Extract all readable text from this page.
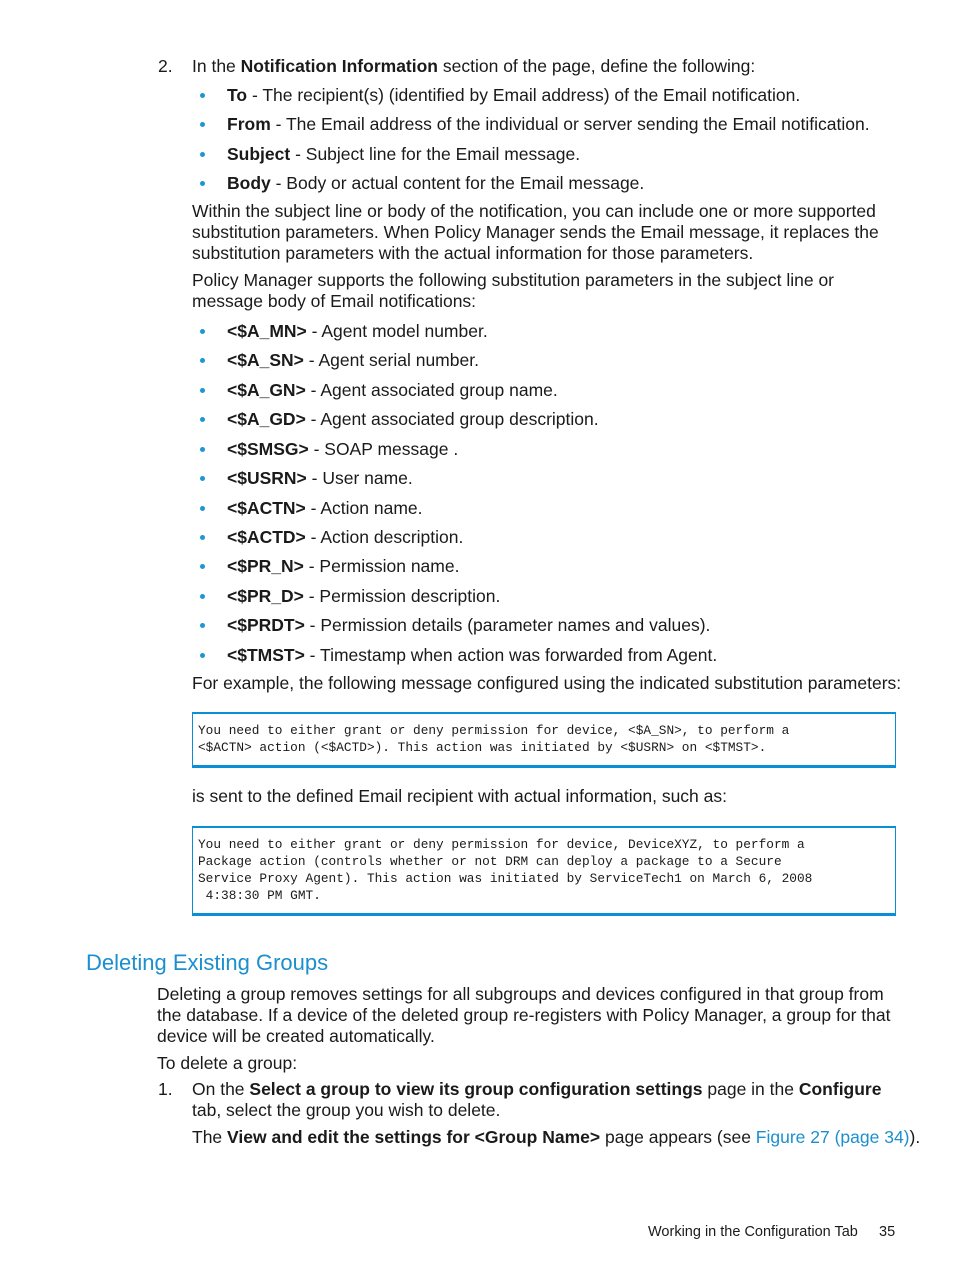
2.	In the Notification Information section of the page, define the following:
To - The recipient(s) (identified by Email address) of the Email notification.
From - The Email address of the individual or server sending the Email notification.
Subject - Subject line for the Email message.
Body - Body or actual content for the Email message.
Within the subject line or body of the notification, you can include one or more supported substitution parameters. When Policy Manager sends the Email message, it replaces the substitution parameters with the actual information for those parameters.
Policy Manager supports the following substitution parameters in the subject line or message body of Email notifications:
<$A_MN> - Agent model number.
<$A_SN> - Agent serial number.
<$A_GN> - Agent associated group name.
<$A_GD> - Agent associated group description.
<$SMSG> - SOAP message .
<$USRN> - User name.
<$ACTN> - Action name.
<$ACTD> - Action description.
<$PR_N> - Permission name.
<$PR_D> - Permission description.
<$PRDT> - Permission details (parameter names and values).
<$TMST> - Timestamp when action was forwarded from Agent.
For example, the following message configured using the indicated substitution parameters:
You need to either grant or deny permission for device, <$A_SN>, to perform a
<$ACTN> action (<$ACTD>). This action was initiated by <$USRN> on <$TMST>.
is sent to the defined Email recipient with actual information, such as:
You need to either grant or deny permission for device, DeviceXYZ, to perform a
Package action (controls whether or not DRM can deploy a package to a Secure
Service Proxy Agent). This action was initiated by ServiceTech1 on March 6, 2008
4:38:30 PM GMT.
Deleting Existing Groups
Deleting a group removes settings for all subgroups and devices configured in that group from the database. If a device of the deleted group re-registers with Policy Manager, a group for that device will be created automatically.
To delete a group:
1. On the Select a group to view its group configuration settings page in the Configure tab, select the group you wish to delete.
The View and edit the settings for <Group Name> page appears (see Figure 27 (page 34)).
Working in the Configuration Tab 35
